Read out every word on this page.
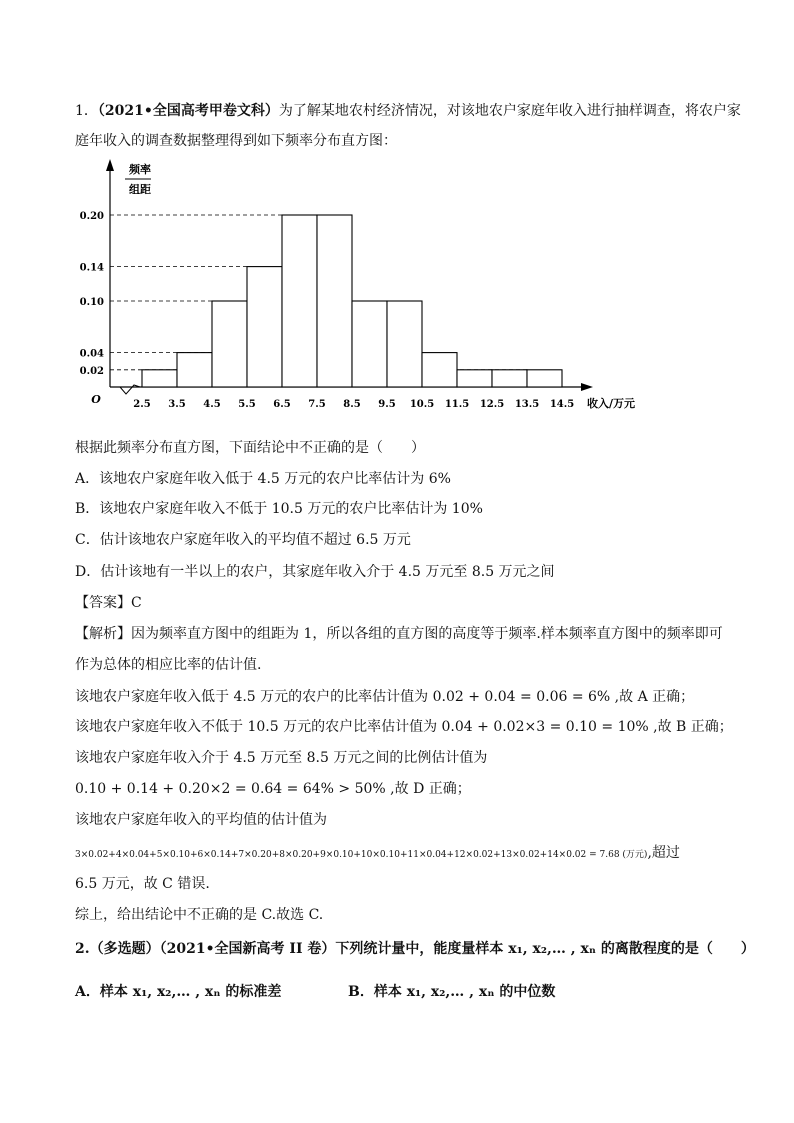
1．（2021•全国高考甲卷文科）为了解某地农村经济情况，对该地农户家庭年收入进行抽样调查，将农户家
庭年收入的调查数据整理得到如下频率分布直方图：
0.02
0.04
0.10
0.14
0.20
2.5 3.5 4.5 5.5 6.5 7.5 8.5 9.5 10.5 11.5 12.5 13.5 14.5
频率
组距
收入/万元
O
根据此频率分布直方图，下面结论中不正确的是（　　）
A．该地农户家庭年收入低于 4.5 万元的农户比率估计为 6%
B．该地农户家庭年收入不低于 10.5 万元的农户比率估计为 10%
C．估计该地农户家庭年收入的平均值不超过 6.5 万元
D．估计该地有一半以上的农户，其家庭年收入介于 4.5 万元至 8.5 万元之间
【答案】C
【解析】因为频率直方图中的组距为 1，所以各组的直方图的高度等于频率.样本频率直方图中的频率即可
作为总体的相应比率的估计值.
该地农户家庭年收入低于 4.5 万元的农户的比率估计值为 0.02 + 0.04 = 0.06 = 6% ,故 A 正确；
该地农户家庭年收入不低于 10.5 万元的农户比率估计值为 0.04 + 0.02×3 = 0.10 = 10% ,故 B 正确；
该地农户家庭年收入介于 4.5 万元至 8.5 万元之间的比例估计值为
0.10 + 0.14 + 0.20×2 = 0.64 = 64% > 50% ,故 D 正确；
该地农户家庭年收入的平均值的估计值为
3×0.02+4×0.04+5×0.10+6×0.14+7×0.20+8×0.20+9×0.10+10×0.10+11×0.04+12×0.02+13×0.02+14×0.02 = 7.68 (万元),超过
6.5 万元，故 C 错误.
综上，给出结论中不正确的是 C.故选 C.
2.（多选题）（2021•全国新高考 II 卷）下列统计量中，能度量样本 x₁, x₂,… , xₙ 的离散程度的是（　　）
A．样本 x₁, x₂,… , xₙ 的标准差	B．样本 x₁, x₂,… , xₙ 的中位数
